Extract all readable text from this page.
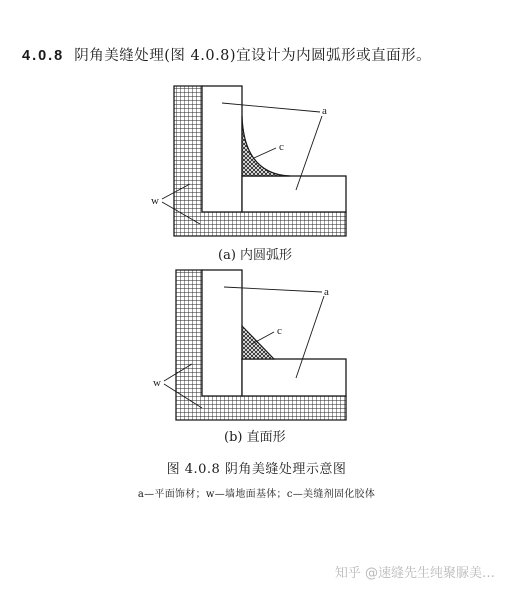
4.0.8 阴角美缝处理(图 4.0.8)宜设计为内圆弧形或直面形。
a
c
w
a
c
w
(a) 内圆弧形
(b) 直面形
图 4.0.8 阴角美缝处理示意图
a—平面饰材；w—墙地面基体；c—美缝剂固化胶体
知乎 @速缝先生纯聚脲美…
